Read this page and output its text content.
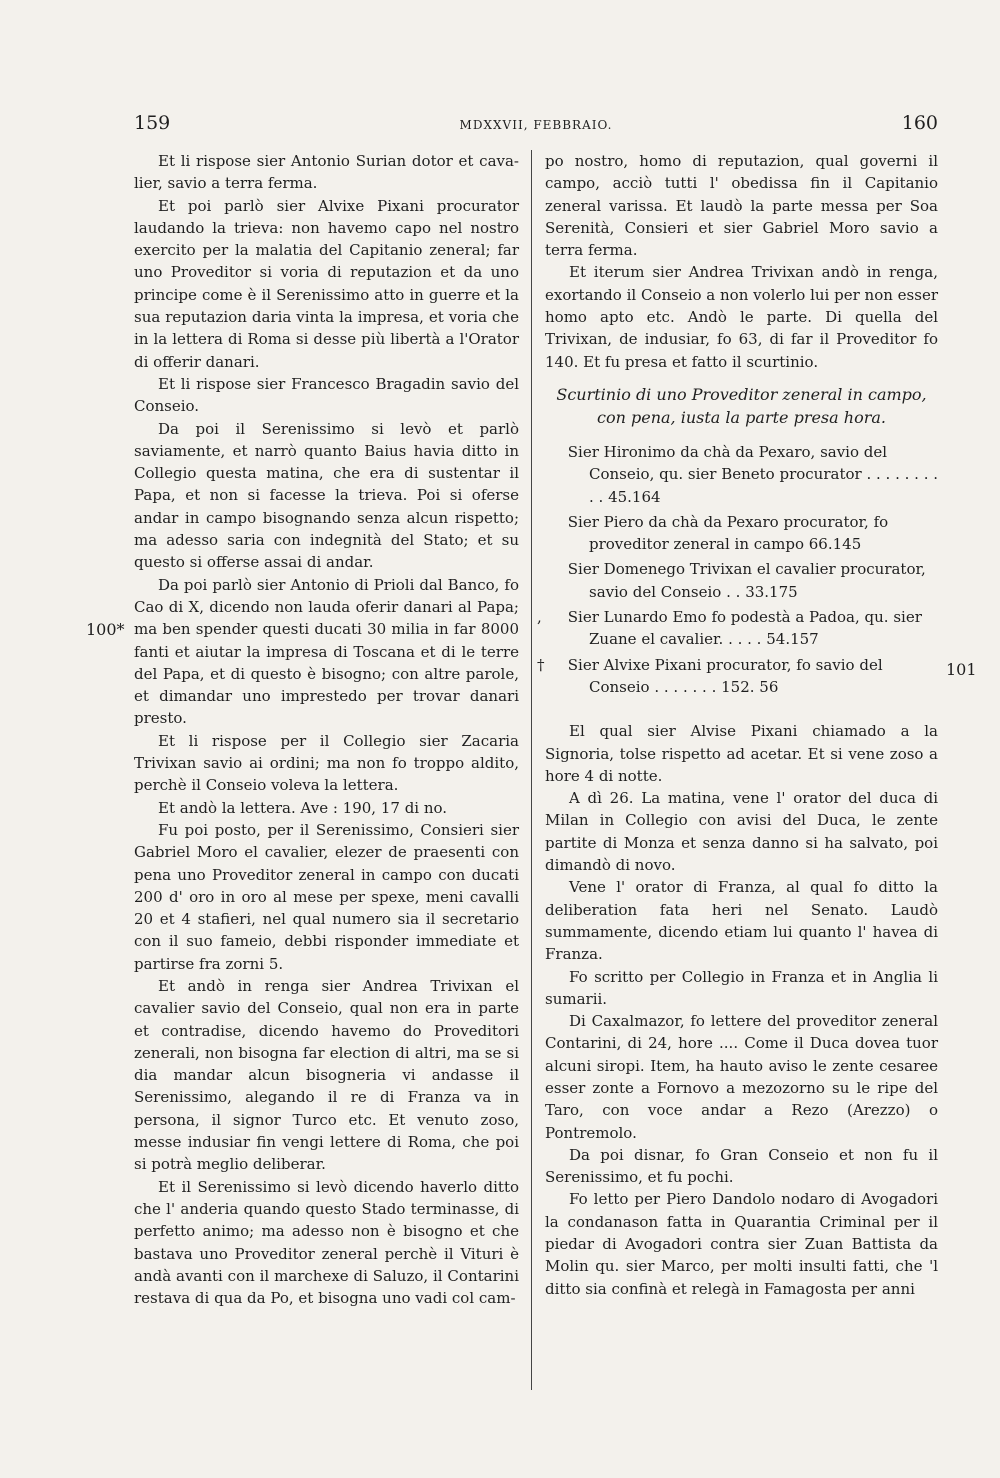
159	MDXXVII, FEBBRAIO.	160
100*
101

Et li rispose sier Antonio Surian dotor et cava-lier, savio a terra ferma.

Et poi parlò sier Alvixe Pixani procurator laudando la trieva: non havemo capo nel nostro exercito per la malatia del Capitanio zeneral; far uno Proveditor si voria di reputazion et da uno principe come è il Serenissimo atto in guerre et la sua reputazion daria vinta la impresa, et voria che in la lettera di Roma si desse più libertà a l'Orator di offerir danari.

Et li rispose sier Francesco Bragadin savio del Conseio.

Da poi il Serenissimo si levò et parlò saviamente, et narrò quanto Baius havia ditto in Collegio questa matina, che era di sustentar il Papa, et non si facesse la trieva. Poi si oferse andar in campo bisognando senza alcun rispetto; ma adesso saria con indegnità del Stato; et su questo si offerse assai di andar.

Da poi parlò sier Antonio di Prioli dal Banco, fo Cao di X, dicendo non lauda oferir danari al Papa; ma ben spender questi ducati 30 milia in far 8000 fanti et aiutar la impresa di Toscana et di le terre del Papa, et di questo è bisogno; con altre parole, et dimandar uno imprestedo per trovar danari presto.

Et li rispose per il Collegio sier Zacaria Trivixan savio ai ordini; ma non fo troppo aldito, perchè il Conseio voleva la lettera.

Et andò la lettera. Ave : 190, 17 di no.

Fu poi posto, per il Serenissimo, Consieri sier Gabriel Moro el cavalier, elezer de praesenti con pena uno Proveditor zeneral in campo con ducati 200 d' oro in oro al mese per spexe, meni cavalli 20 et 4 stafieri, nel qual numero sia il secretario con il suo fameio, debbi risponder immediate et partirse fra zorni 5.

Et andò in renga sier Andrea Trivixan el cavalier savio del Conseio, qual non era in parte et contradise, dicendo havemo do Proveditori zenerali, non bisogna far election di altri, ma se si dia mandar alcun bisogneria vi andasse il Serenissimo, alegando il re di Franza va in persona, il signor Turco etc. Et venuto zoso, messe indusiar fin vengi lettere di Roma, che poi si potrà meglio deliberar.

Et il Serenissimo si levò dicendo haverlo ditto che l' anderia quando questo Stado terminasse, di perfetto animo; ma adesso non è bisogno et che bastava uno Proveditor zeneral perchè il Vituri è andà avanti con il marchexe di Saluzo, il Contarini restava di qua da Po, et bisogna uno vadi col cam-

po nostro, homo di reputazion, qual governi il campo, acciò tutti l' obedissa fin il Capitanio zeneral varissa. Et laudò la parte messa per Soa Serenità, Consieri et sier Gabriel Moro savio a terra ferma.

Et iterum sier Andrea Trivixan andò in renga, exortando il Conseio a non volerlo lui per non esser homo apto etc. Andò le parte. Di quella del Trivixan, de indusiar, fo 63, di far il Proveditor fo 140. Et fu presa et fatto il scurtinio.

Scurtinio di uno Proveditor zeneral in campo, con pena, iusta la parte presa hora.

Sier Hironimo da chà da Pexaro, savio del Conseio, qu. sier Beneto procurator . . . . . . . . . . 45.164

Sier Piero da chà da Pexaro procurator, fo proveditor zeneral in campo 66.145

Sier Domenego Trivixan el cavalier procurator, savio del Conseio . . 33.175

, Sier Lunardo Emo fo podestà a Padoa, qu. sier Zuane el cavalier. . . . . 54.157

† Sier Alvixe Pixani procurator, fo savio del Conseio . . . . . . . 152. 56

El qual sier Alvise Pixani chiamado a la Signoria, tolse rispetto ad acetar. Et si vene zoso a hore 4 di notte.

A dì 26. La matina, vene l' orator del duca di Milan in Collegio con avisi del Duca, le zente partite di Monza et senza danno si ha salvato, poi dimandò di novo.

Vene l' orator di Franza, al qual fo ditto la deliberation fata heri nel Senato. Laudò summamente, dicendo etiam lui quanto l' havea di Franza.

Fo scritto per Collegio in Franza et in Anglia li sumarii.

Di Caxalmazor, fo lettere del proveditor zeneral Contarini, di 24, hore .... Come il Duca dovea tuor alcuni siropi. Item, ha hauto aviso le zente cesaree esser zonte a Fornovo a mezozorno su le ripe del Taro, con voce andar a Rezo (Arezzo) o Pontremolo.

Da poi disnar, fo Gran Conseio et non fu il Serenissimo, et fu pochi.

Fo letto per Piero Dandolo nodaro di Avogadori la condanason fatta in Quarantia Criminal per il piedar di Avogadori contra sier Zuan Battista da Molin qu. sier Marco, per molti insulti fatti, che 'l ditto sia confinà et relegà in Famagosta per anni
